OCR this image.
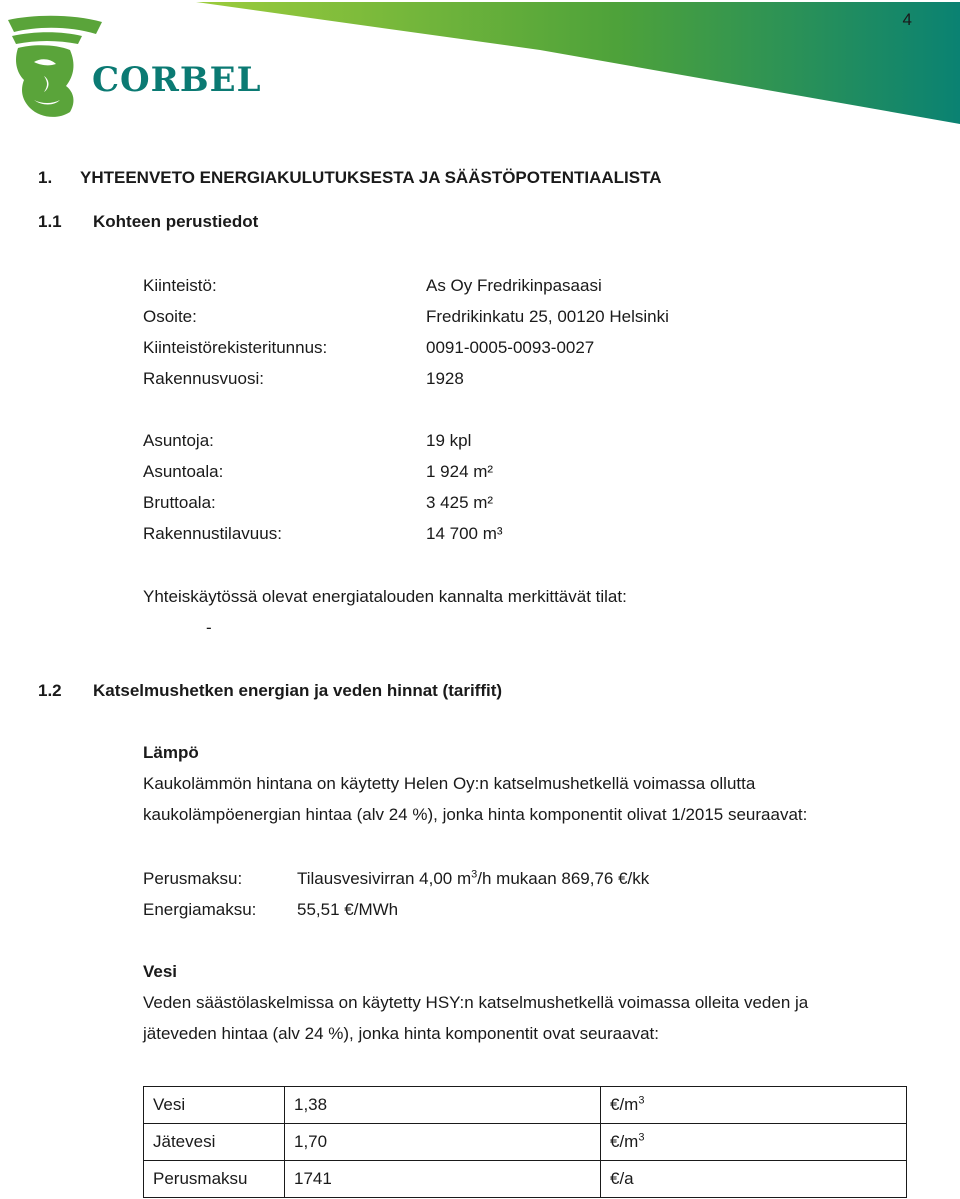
4
CORBEL
1. YHTEENVETO ENERGIAKULUTUKSESTA JA SÄÄSTÖPOTENTIAALISTA
1.1 Kohteen perustiedot
Kiinteistö:	As Oy Fredrikinpasaasi
Osoite:	Fredrikinkatu 25, 00120 Helsinki
Kiinteistörekisteritunnus:	0091-0005-0093-0027
Rakennusvuosi:	1928
Asuntoja:	19 kpl
Asuntoala:	1 924 m²
Bruttoala:	3 425 m²
Rakennustilavuus:	14 700 m³
Yhteiskäytössä olevat energiatalouden kannalta merkittävät tilat:
-
1.2 Katselmushetken energian ja veden hinnat (tariffit)
Lämpö
Kaukolämmön hintana on käytetty Helen Oy:n katselmushetkellä voimassa ollutta
kaukolämpöenergian hintaa (alv 24 %), jonka hinta komponentit olivat 1/2015 seuraavat:
Perusmaksu:	Tilausvesivirran 4,00 $m^3/h$ mukaan 869,76 €/kk
Energiamaksu: 55,51 €/MWh
Vesi
Veden säästölaskelmissa on käytetty HSY:n katselmushetkellä voimassa olleita veden ja
jäteveden hintaa (alv 24 %), jonka hinta komponentit ovat seuraavat:
Vesi	1,38	$€/m^3$
Jätevesi	1,70	$€/m^3$
Perusmaksu	1741	€/a
